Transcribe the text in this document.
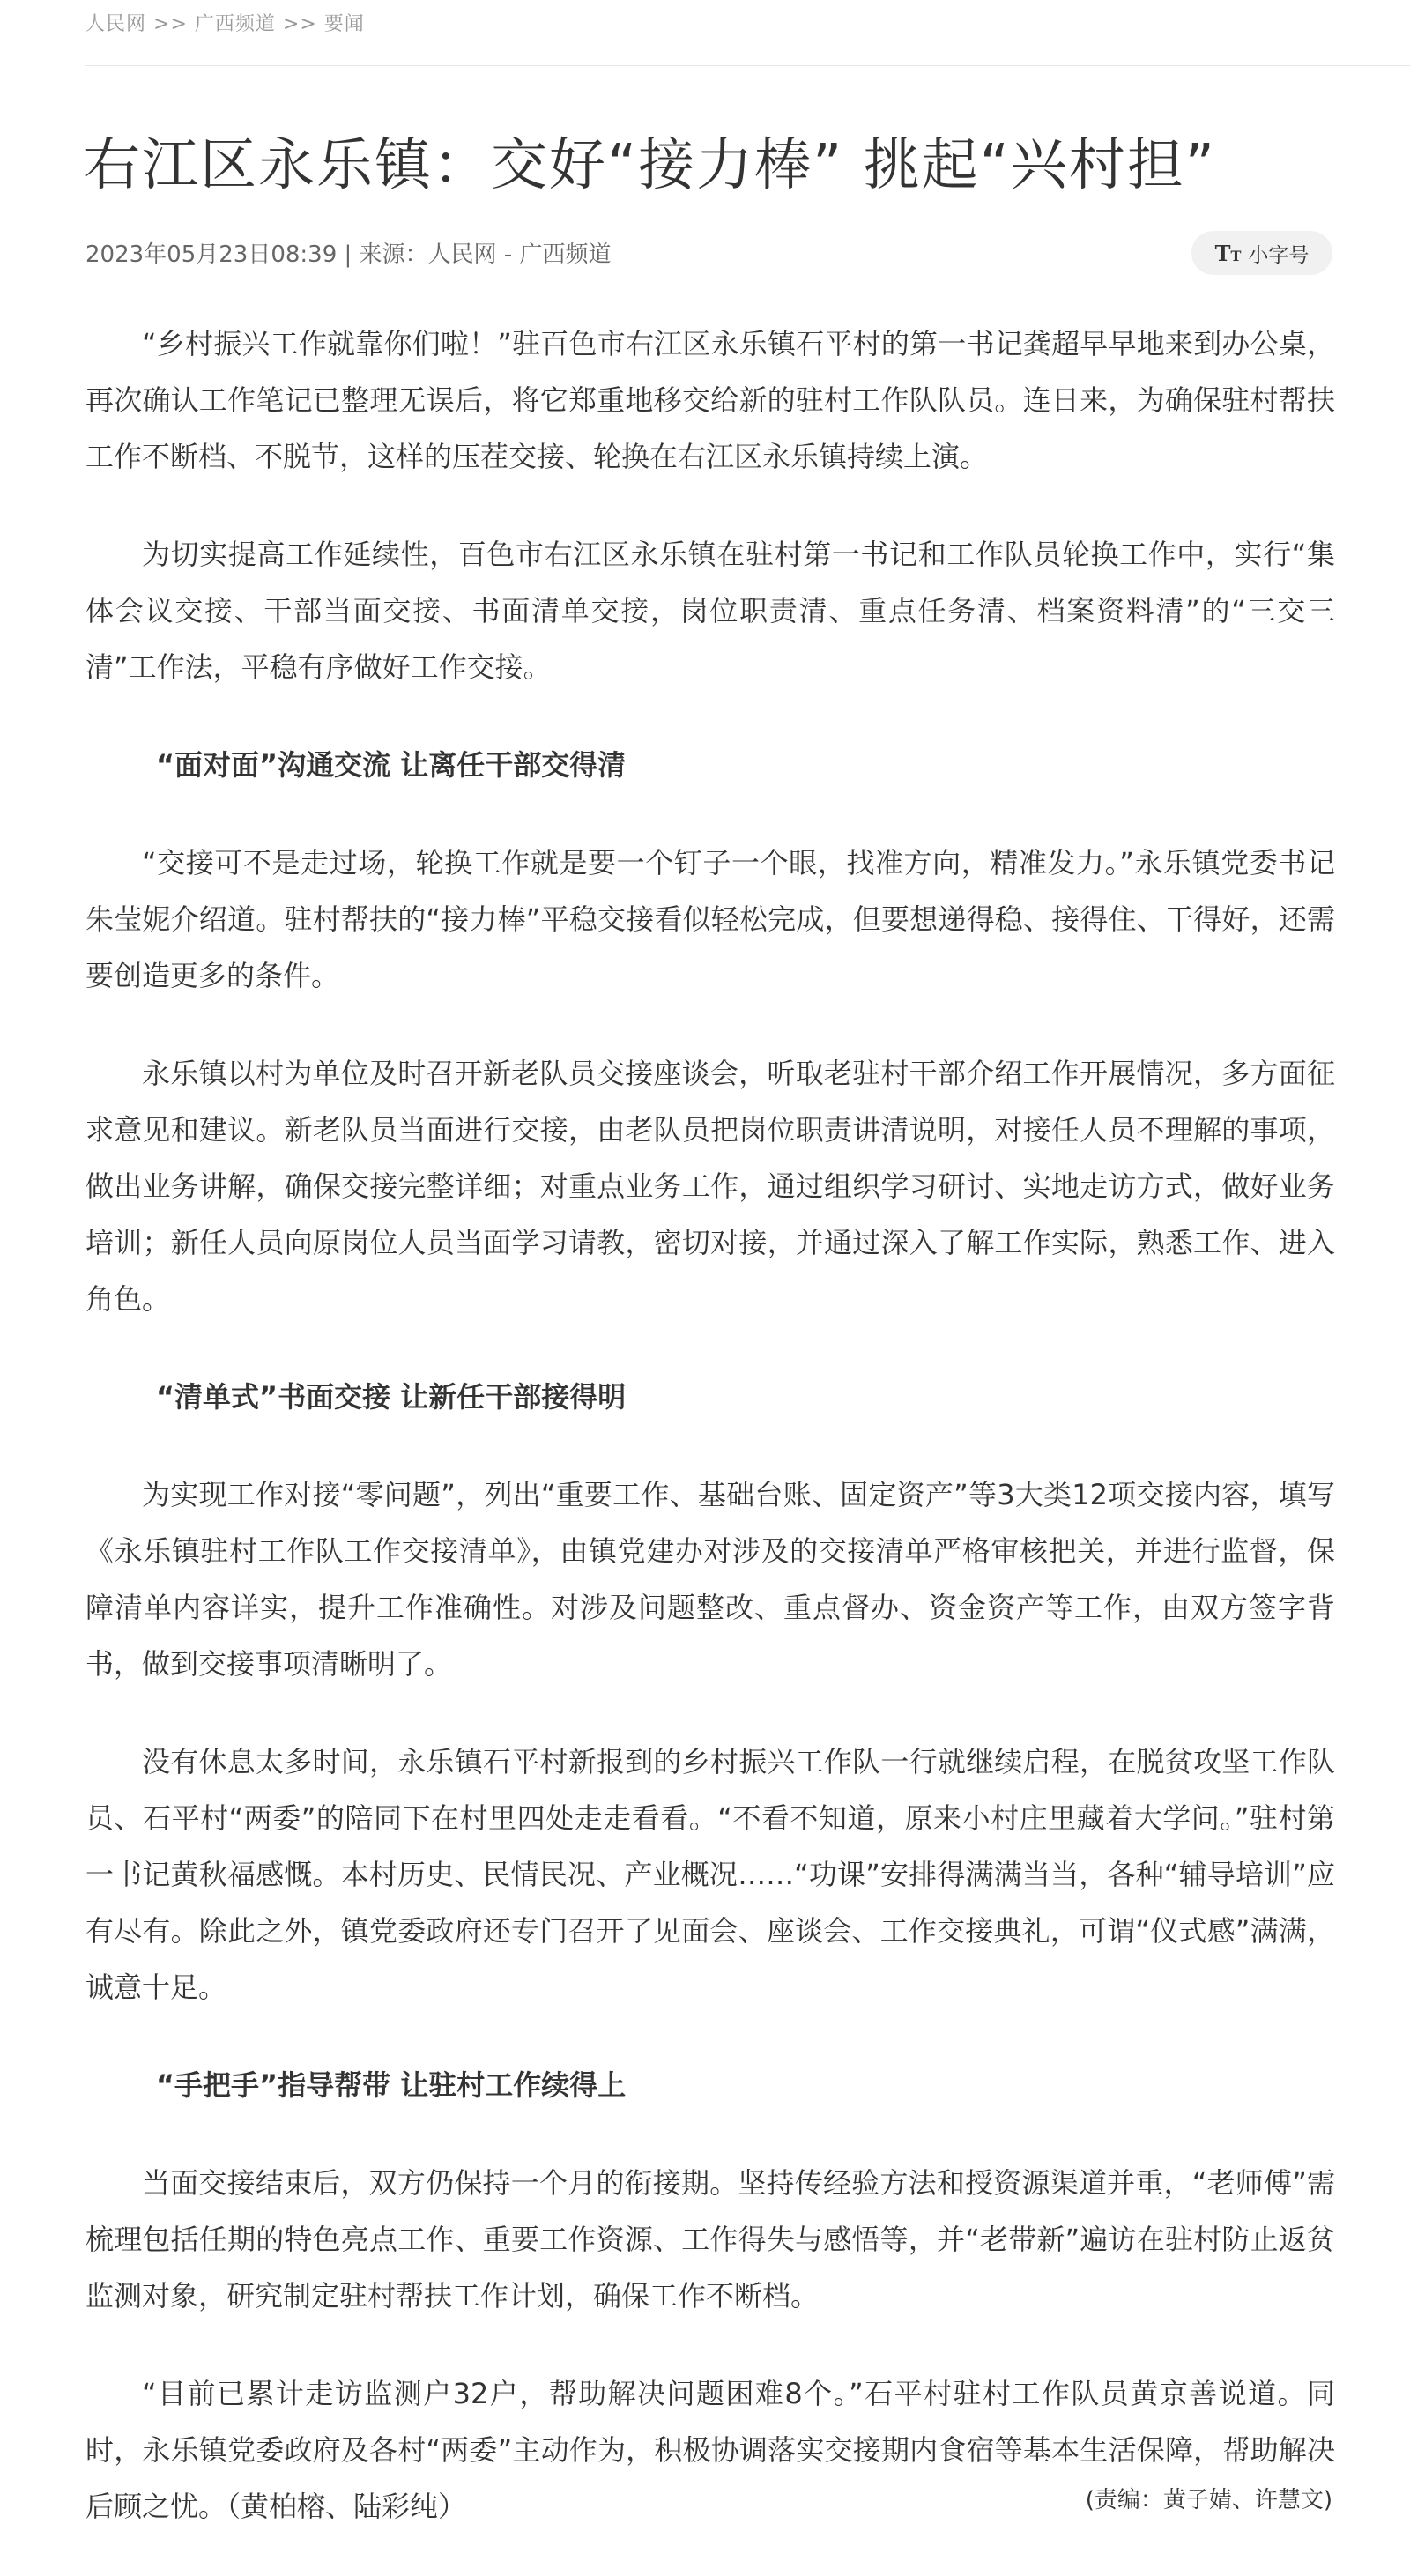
人民网 >> 广西频道 >> 要闻
右江区永乐镇：交好“接力棒” 挑起“兴村担”
2023年05月23日08:39 | 来源：人民网 - 广西频道	TT 小字号

“乡村振兴工作就靠你们啦！”驻百色市右江区永乐镇石平村的第一书记龚超早早地来到办公桌，再次确认工作笔记已整理无误后，将它郑重地移交给新的驻村工作队队员。连日来，为确保驻村帮扶工作不断档、不脱节，这样的压茬交接、轮换在右江区永乐镇持续上演。

为切实提高工作延续性，百色市右江区永乐镇在驻村第一书记和工作队员轮换工作中，实行“集体会议交接、干部当面交接、书面清单交接，岗位职责清、重点任务清、档案资料清”的“三交三清”工作法，平稳有序做好工作交接。

“面对面”沟通交流 让离任干部交得清

“交接可不是走过场，轮换工作就是要一个钉子一个眼，找准方向，精准发力。”永乐镇党委书记朱莹妮介绍道。驻村帮扶的“接力棒”平稳交接看似轻松完成，但要想递得稳、接得住、干得好，还需要创造更多的条件。

永乐镇以村为单位及时召开新老队员交接座谈会，听取老驻村干部介绍工作开展情况，多方面征求意见和建议。新老队员当面进行交接，由老队员把岗位职责讲清说明，对接任人员不理解的事项，做出业务讲解，确保交接完整详细；对重点业务工作，通过组织学习研讨、实地走访方式，做好业务培训；新任人员向原岗位人员当面学习请教，密切对接，并通过深入了解工作实际，熟悉工作、进入角色。

“清单式”书面交接 让新任干部接得明

为实现工作对接“零问题”，列出“重要工作、基础台账、固定资产”等3大类12项交接内容，填写《永乐镇驻村工作队工作交接清单》，由镇党建办对涉及的交接清单严格审核把关，并进行监督，保障清单内容详实，提升工作准确性。对涉及问题整改、重点督办、资金资产等工作，由双方签字背书，做到交接事项清晰明了。

没有休息太多时间，永乐镇石平村新报到的乡村振兴工作队一行就继续启程，在脱贫攻坚工作队员、石平村“两委”的陪同下在村里四处走走看看。“不看不知道，原来小村庄里藏着大学问。”驻村第一书记黄秋福感慨。本村历史、民情民况、产业概况……“功课”安排得满满当当，各种“辅导培训”应有尽有。除此之外，镇党委政府还专门召开了见面会、座谈会、工作交接典礼，可谓“仪式感”满满，诚意十足。

“手把手”指导帮带 让驻村工作续得上

当面交接结束后，双方仍保持一个月的衔接期。坚持传经验方法和授资源渠道并重，“老师傅”需梳理包括任期的特色亮点工作、重要工作资源、工作得失与感悟等，并“老带新”遍访在驻村防止返贫监测对象，研究制定驻村帮扶工作计划，确保工作不断档。

“目前已累计走访监测户32户，帮助解决问题困难8个。”石平村驻村工作队员黄京善说道。同时，永乐镇党委政府及各村“两委”主动作为，积极协调落实交接期内食宿等基本生活保障，帮助解决后顾之忧。（黄柏榕、陆彩纯）	(责编：黄子婧、许慧文)
